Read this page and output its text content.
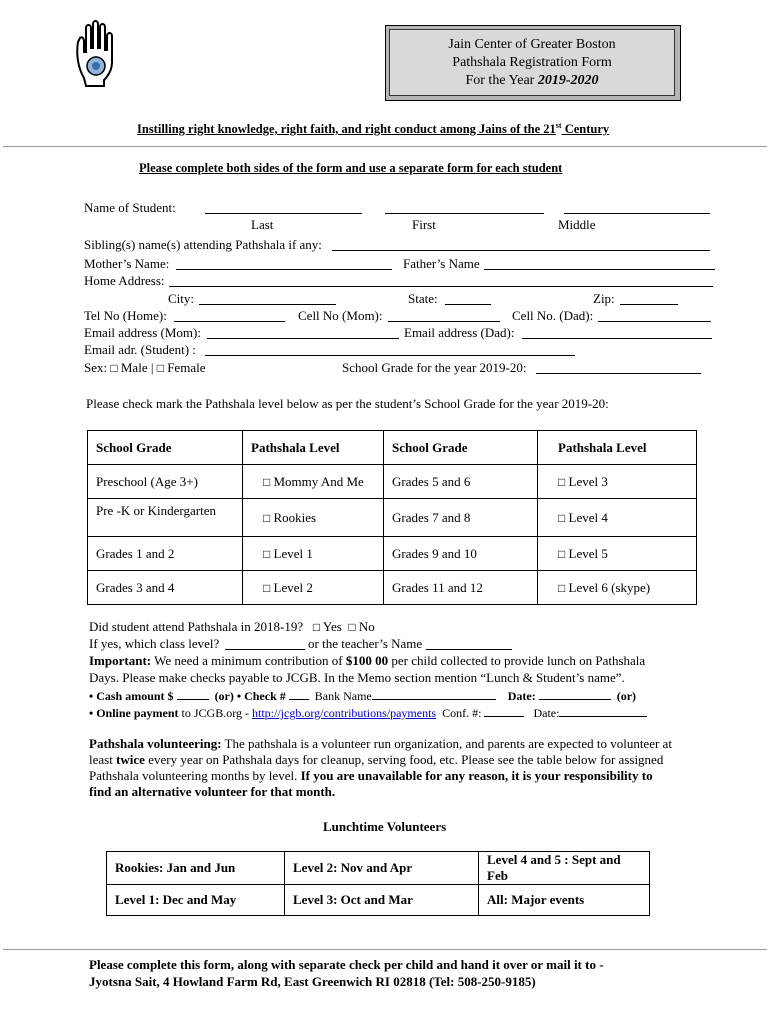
Jain Center of Greater Boston
Pathshala Registration Form
For the Year 2019-2020
Instilling right knowledge, right faith, and right conduct among Jains of the 21st Century
Please complete both sides of the form and use a separate form for each student
Name of Student:
Last	First	Middle
Sibling(s) name(s) attending Pathshala if any:
Mother’s Name:	Father’s Name
Home Address:
City:	State:	Zip:
Tel No (Home):	Cell No (Mom):	Cell No. (Dad):
Email address (Mom):	Email address (Dad):
Email adr. (Student) :
Sex: □ Male | □ Female	School Grade for the year 2019-20:
Please check mark the Pathshala level below as per the student’s School Grade for the year 2019-20:
School Grade	Pathshala Level	School Grade	Pathshala Level
Preschool (Age 3+)	□ Mommy And Me	Grades 5 and 6	□ Level 3
Pre -K or Kindergarten	□ Rookies	Grades 7 and 8	□ Level 4
Grades 1 and 2	□ Level 1	Grades 9 and 10	□ Level 5
Grades 3 and 4	□ Level 2	Grades 11 and 12	□ Level 6 (skype)
Did student attend Pathshala in 2018-19? □ Yes □ No
If yes, which class level?	or the teacher’s Name
Important: We need a minimum contribution of $100 00 per child collected to provide lunch on Pathshala
Days. Please make checks payable to JCGB. In the Memo section mention “Lunch & Student’s name”.
• Cash amount $	(or) • Check # Bank Name	Date:	(or)
• Online payment to JCGB.org - http://jcgb.org/contributions/payments Conf. #:	Date:
Pathshala volunteering: The pathshala is a volunteer run organization, and parents are expected to volunteer at
least twice every year on Pathshala days for cleanup, serving food, etc. Please see the table below for assigned
Pathshala volunteering months by level. If you are unavailable for any reason, it is your responsibility to
find an alternative volunteer for that month.
Lunchtime Volunteers
Rookies: Jan and Jun	Level 2: Nov and Apr	Level 4 and 5 : Sept and Feb
Level 1: Dec and May	Level 3: Oct and Mar	All: Major events
Please complete this form, along with separate check per child and hand it over or mail it to -
Jyotsna Sait, 4 Howland Farm Rd, East Greenwich RI 02818 (Tel: 508-250-9185)
